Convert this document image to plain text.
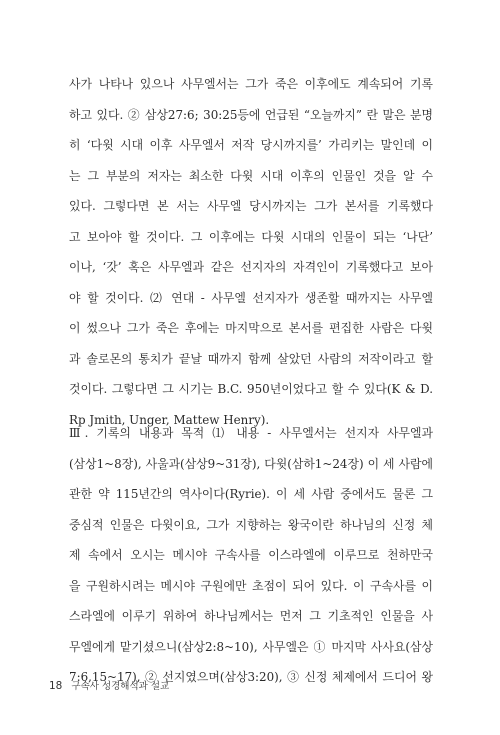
사가 나타나 있으나 사무엘서는 그가 죽은 이후에도 계속되어 기록
하고 있다. ② 삼상27:6; 30:25등에 언급된 “오늘까지” 란 말은 분명
히 ‘다윗 시대 이후 사무엘서 저작 당시까지를’ 가리키는 말인데 이
는 그 부분의 저자는 최소한 다윗 시대 이후의 인물인 것을 알 수
있다. 그렇다면 본 서는 사무엘 당시까지는 그가 본서를 기록했다
고 보아야 할 것이다. 그 이후에는 다윗 시대의 인물이 되는 ‘나단’
이나, ‘갓’ 혹은 사무엘과 같은 선지자의 자격인이 기록했다고 보아
야 할 것이다. ⑵ 연대 - 사무엘 선지자가 생존할 때까지는 사무엘
이 썼으나 그가 죽은 후에는 마지막으로 본서를 편집한 사람은 다윗
과 솔로몬의 통치가 끝날 때까지 함께 살았던 사람의 저작이라고 할
것이다. 그렇다면 그 시기는 B.C. 950년이었다고 할 수 있다(K & D.
Rp Jmith, Unger, Mattew Henry).
Ⅲ. 기록의 내용과 목적 ⑴ 내용 - 사무엘서는 선지자 사무엘과
(삼상1~8장), 사울과(삼상9~31장), 다윗(삼하1~24장) 이 세 사람에
관한 약 115년간의 역사이다(Ryrie). 이 세 사람 중에서도 물론 그
중심적 인물은 다윗이요, 그가 지향하는 왕국이란 하나님의 신정 체
제 속에서 오시는 메시야 구속사를 이스라엘에 이루므로 천하만국
을 구원하시려는 메시야 구원에만 초점이 되어 있다. 이 구속사를 이
스라엘에 이루기 위하여 하나님께서는 먼저 그 기초적인 인물을 사
무엘에게 맡기셨으니(삼상2:8~10), 사무엘은 ① 마지막 사사요(삼상
7:6,15~17), ② 선지였으며(삼상3:20), ③ 신정 체제에서 드디어 왕
18 구속사 성경해석과 설교
